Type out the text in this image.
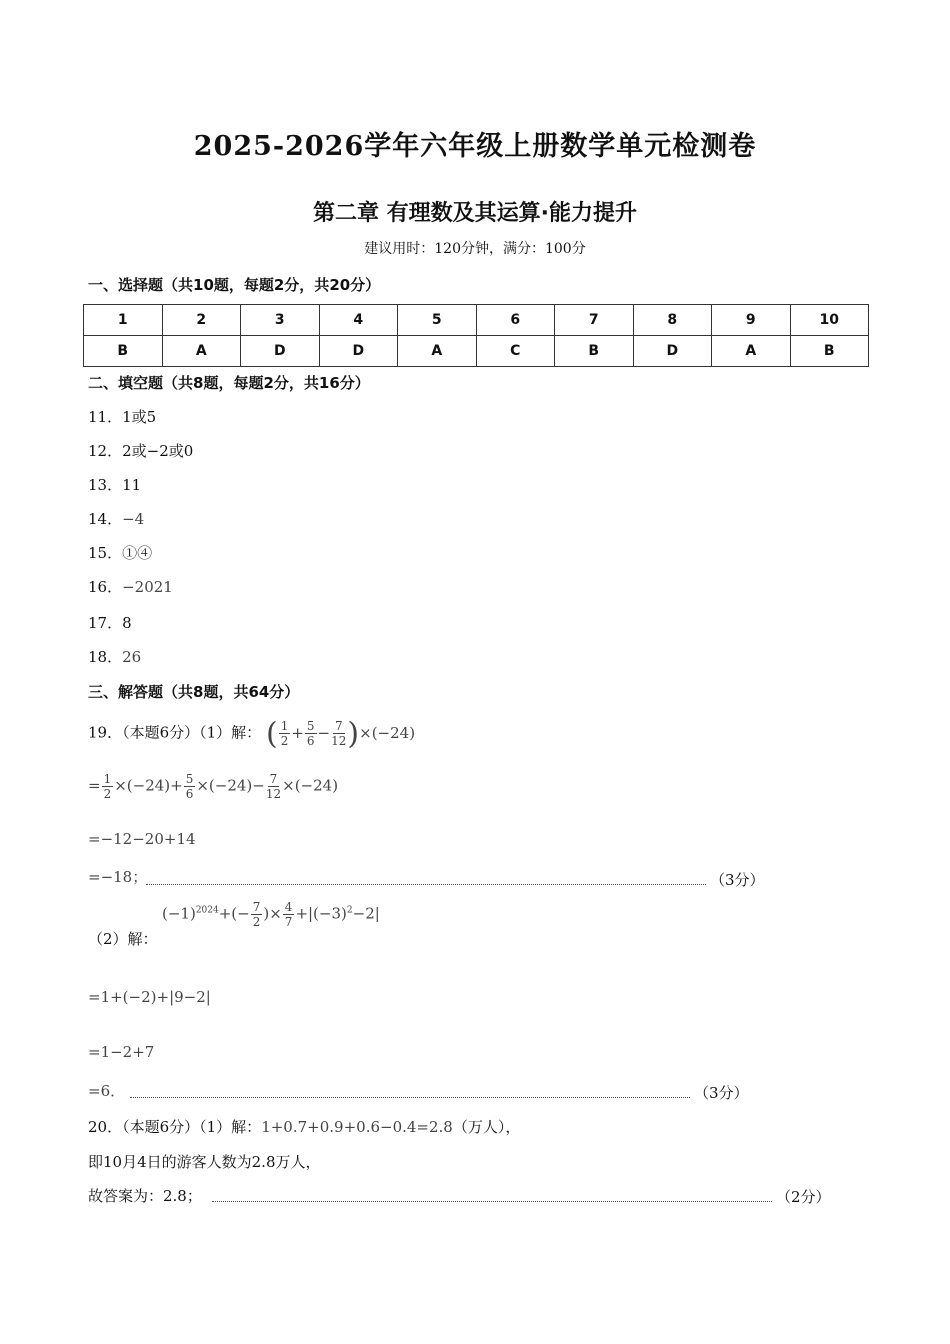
2025-2026学年六年级上册数学单元检测卷
第二章 有理数及其运算·能力提升
建议用时：120分钟，满分：100分
一、选择题（共10题，每题2分，共20分）
1	2	3	4	5	6	7	8	9	10
B	A	D	D	A	C	B	D	A	B
二、填空题（共8题，每题2分，共16分）
11．1或5
12．2或−2或0
13．11
14．−4
15．①④
16．−2021
17．8
18．26
三、解答题（共8题，共64分）
19．（本题6分）（1）解： ( $\frac{1}{2} + \frac{5}{6} - \frac{7}{12} )\times(-24)$
= $\frac{1}{2} \times(-24)+ \frac{5}{6} \times(-24)- \frac{7}{12} \times(-24)$
=−12−20+14
=−18；	（3分）
（2）解：
$(-1)^{2024}+(- \frac{7}{2}$ )× $\frac{4}{7} +|(-3)^2-2|$
=1+(−2)+|9−2|
=1−2+7
=6．	（3分）
20．（本题6分）（1）解：1+0.7+0.9+0.6−0.4=2.8（万人），
即10月4日的游客人数为2.8万人，
故答案为：2.8；	（2分）
